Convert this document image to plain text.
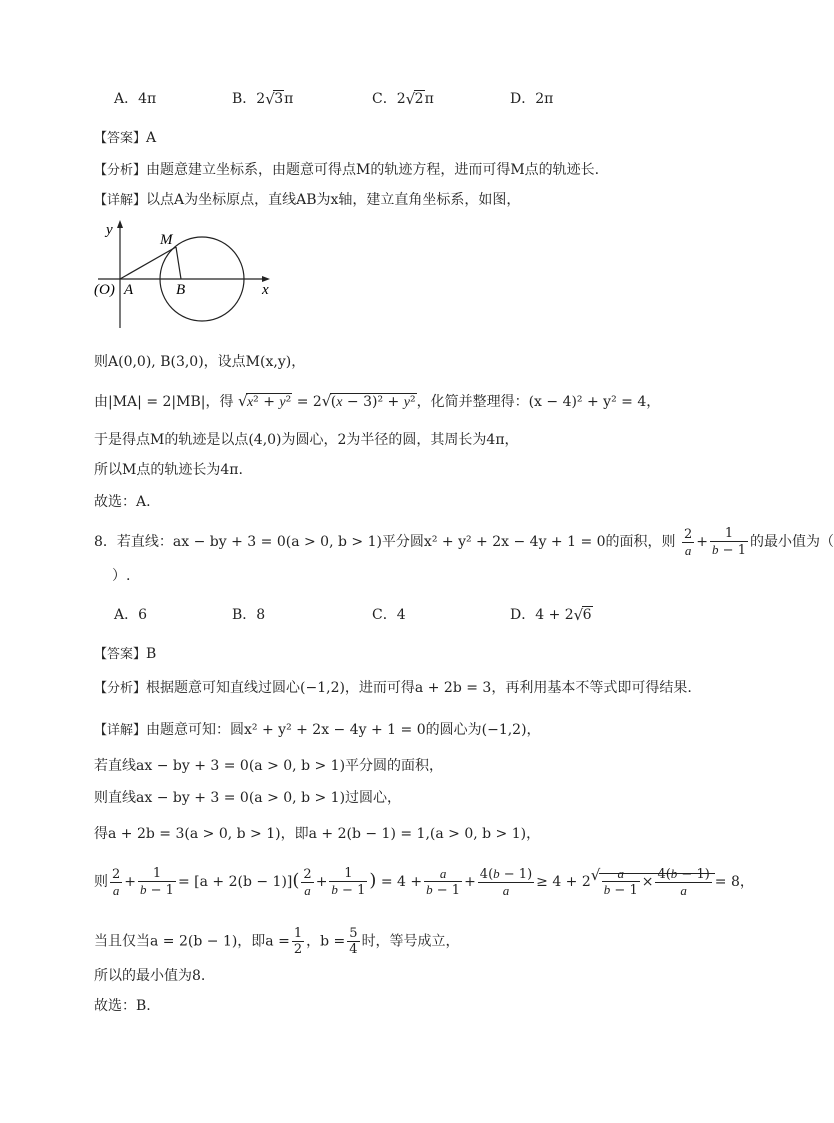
A．4π	B．2 √ 3π	C．2 √ 2π	D．2π
【答案】A
【分析】由题意建立坐标系，由题意可得点M的轨迹方程，进而可得M点的轨迹长.
【详解】以点A为坐标原点，直线AB为x轴，建立直角坐标系，如图，
y
x
M
(O) A	B
则A(0,0), B(3,0)，设点M(x,y)，
由|MA| = 2|MB|，得 √ x² + y² = 2 √ (x − 3)² + y²，化简并整理得：(x − 4)² + y² = 4，
于是得点M的轨迹是以点(4,0)为圆心，2为半径的圆，其周长为4π，
所以M点的轨迹长为4π.
故选：A.
8．若直线：ax − by + 3 = 0(a > 0, b > 1)平分圆x² + y² + 2x − 4y + 1 = 0的面积，则 $\frac{2}{a} + \frac{1}{b - 1}$ 的最小值为（
）.
A．6	B．8	C．4	D．4 + 2 √ 6
【答案】B
【分析】根据题意可知直线过圆心(−1,2)，进而可得a + 2b = 3，再利用基本不等式即可得结果.
【详解】由题意可知：圆x² + y² + 2x − 4y + 1 = 0的圆心为(−1,2)，
若直线ax − by + 3 = 0(a > 0, b > 1)平分圆的面积，
则直线ax − by + 3 = 0(a > 0, b > 1)过圆心，
得a + 2b = 3(a > 0, b > 1)，即a + 2(b − 1) = 1,(a > 0, b > 1)，
则 $\frac{2}{a} + \frac{1}{b - 1} = [a + 2(b - 1)]( \frac{2}{a} + \frac{1}{b - 1}$ ) = $4 + \frac{a}{b - 1} + \frac{4(b - 1)}{a} \ge 4 + 2$ √ $\frac{a}{b - 1} \times \frac{4(b - 1)}{a} = 8$，
当且仅当a = 2(b − 1)，即$a = \frac{1}{2}$ ，$b = \frac{5}{4}$ 时，等号成立，
所以的最小值为8.
故选：B.
